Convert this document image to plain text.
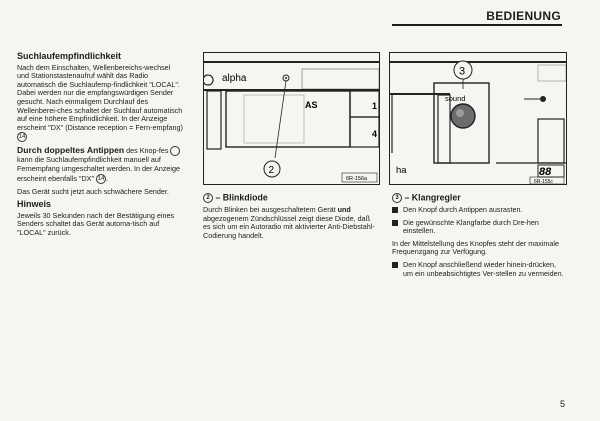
BEDIENUNG
Suchlaufempfindlichkeit

Nach dem Einschalten, Wellenbereichs-wechsel und Stationstastenaufruf wählt das Radio automatisch die Suchlaufemp-findlichkeit "LOCAL". Dabei werden nur die empfangswürdigen Sender gesucht. Nach einmaligem Durchlauf des Wellenberei-ches schaltet der Suchlauf automatisch auf eine höhere Empfindlichkeit. In der Anzeige erscheint "DX" (Distance reception = Fern-empfang) 14

Durch doppeltes Antippen des Knop-fes  kann die Suchlaufempfindlichkeit manuell auf Fernempfang umgeschaltet werden. In der Anzeige erscheint ebenfalls "DX" 14 .

Das Gerät sucht jetzt auch schwächere Sender.

Hinweis

Jeweils 30 Sekunden nach der Bestätigung eines Senders schaltet das Gerät automa-tisch auf "LOCAL" zurück.

alpha
AS	1
4
2
6R-156a
3
sound
ha	88
6R-155c
2 – Blinkdiode

Durch Blinken bei ausgeschaltetem Gerät und abgezogenem Zündschlüssel zeigt diese Diode, daß es sich um ein Autoradio mit aktivierter Anti-Diebstahl-Codierung handelt.

3 – Klangregler
Den Knopf durch Antippen ausrasten.
Die gewünschte Klangfarbe durch Dre-hen einstellen.

In der Mittelstellung des Knopfes steht der maximale Frequenzgang zur Verfügung.

Den Knopf anschließend wieder hinein-drücken, um ein unbeabsichtigtes Ver-stellen zu vermeiden.
5
